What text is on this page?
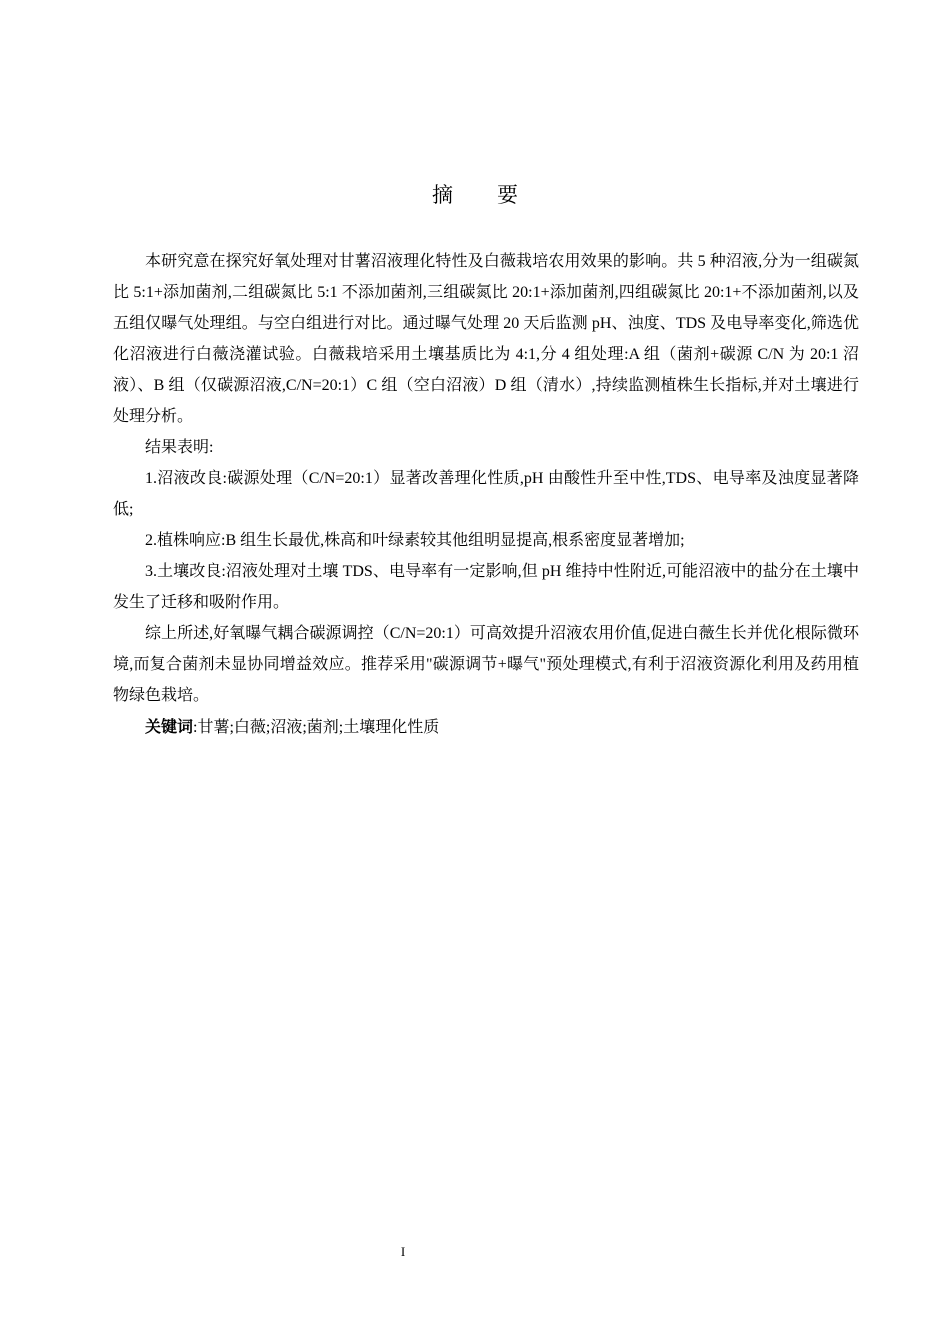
摘 要

本研究意在探究好氧处理对甘薯沼液理化特性及白薇栽培农用效果的影响。共 5 种沼液,分为一组碳氮比 5:1+添加菌剂,二组碳氮比 5:1 不添加菌剂,三组碳氮比 20:1+添加菌剂,四组碳氮比 20:1+不添加菌剂,以及五组仅曝气处理组。与空白组进行对比。通过曝气处理 20 天后监测 pH、浊度、TDS 及电导率变化,筛选优化沼液进行白薇浇灌试验。白薇栽培采用土壤基质比为 4:1,分 4 组处理:A 组（菌剂+碳源 C/N 为 20:1 沼液）、B 组（仅碳源沼液,C/N=20:1）C 组（空白沼液）D 组（清水）,持续监测植株生长指标,并对土壤进行处理分析。

结果表明:

1.沼液改良:碳源处理（C/N=20:1）显著改善理化性质,pH 由酸性升至中性,TDS、电导率及浊度显著降低;

2.植株响应:B 组生长最优,株高和叶绿素较其他组明显提高,根系密度显著增加;

3.土壤改良:沼液处理对土壤 TDS、电导率有一定影响,但 pH 维持中性附近,可能沼液中的盐分在土壤中发生了迁移和吸附作用。

综上所述,好氧曝气耦合碳源调控（C/N=20:1）可高效提升沼液农用价值,促进白薇生长并优化根际微环境,而复合菌剂未显协同增益效应。推荐采用"碳源调节+曝气"预处理模式,有利于沼液资源化利用及药用植物绿色栽培。

关键词:甘薯;白薇;沼液;菌剂;土壤理化性质

I
